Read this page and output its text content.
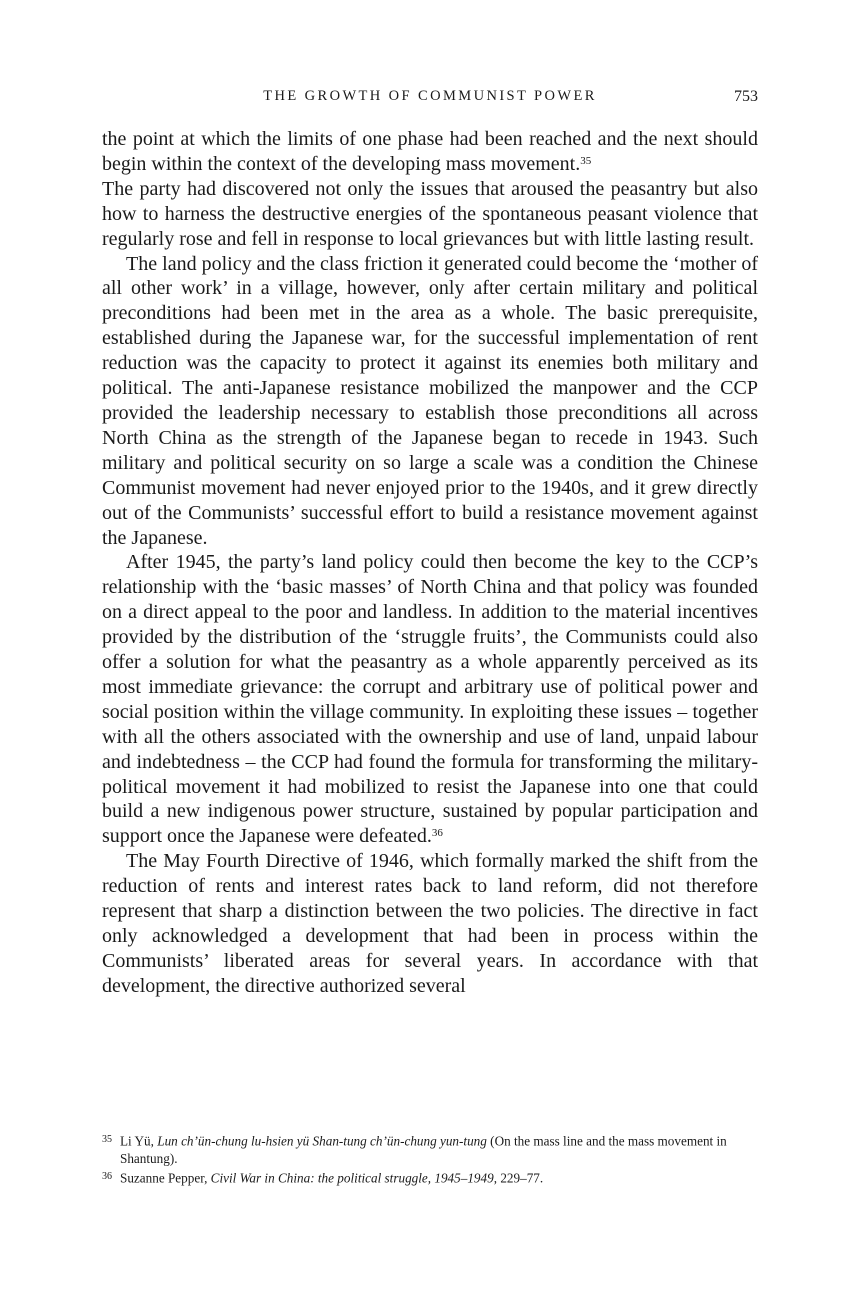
THE GROWTH OF COMMUNIST POWER	753

the point at which the limits of one phase had been reached and the next should begin within the context of the developing mass movement.$^{35}$

The party had discovered not only the issues that aroused the peasantry but also how to harness the destructive energies of the spontaneous peasant violence that regularly rose and fell in response to local grievances but with little lasting result.

The land policy and the class friction it generated could become the ‘mother of all other work’ in a village, however, only after certain military and political preconditions had been met in the area as a whole. The basic prerequisite, established during the Japanese war, for the successful implementation of rent reduction was the capacity to protect it against its enemies both military and political. The anti-Japanese resistance mobilized the manpower and the CCP provided the leadership necessary to establish those preconditions all across North China as the strength of the Japanese began to recede in 1943. Such military and political security on so large a scale was a condition the Chinese Communist movement had never enjoyed prior to the 1940s, and it grew directly out of the Communists’ successful effort to build a resistance movement against the Japanese.

After 1945, the party’s land policy could then become the key to the CCP’s relationship with the ‘basic masses’ of North China and that policy was founded on a direct appeal to the poor and landless. In addition to the material incentives provided by the distribution of the ‘struggle fruits’, the Communists could also offer a solution for what the peasantry as a whole apparently perceived as its most immediate grievance: the corrupt and arbitrary use of political power and social position within the village community. In exploiting these issues – together with all the others associated with the ownership and use of land, unpaid labour and indebtedness – the CCP had found the formula for transforming the military-political movement it had mobilized to resist the Japanese into one that could build a new indigenous power structure, sustained by popular participation and support once the Japanese were defeated.$^{36}$

The May Fourth Directive of 1946, which formally marked the shift from the reduction of rents and interest rates back to land reform, did not therefore represent that sharp a distinction between the two policies. The directive in fact only acknowledged a development that had been in process within the Communists’ liberated areas for several years. In accordance with that development, the directive authorized several

35 Li Yü, Lun ch’ün-chung lu-hsien yü Shan-tung ch’ün-chung yun-tung (On the mass line and the mass movement in Shantung).

36 Suzanne Pepper, Civil War in China: the political struggle, 1945–1949, 229–77.
